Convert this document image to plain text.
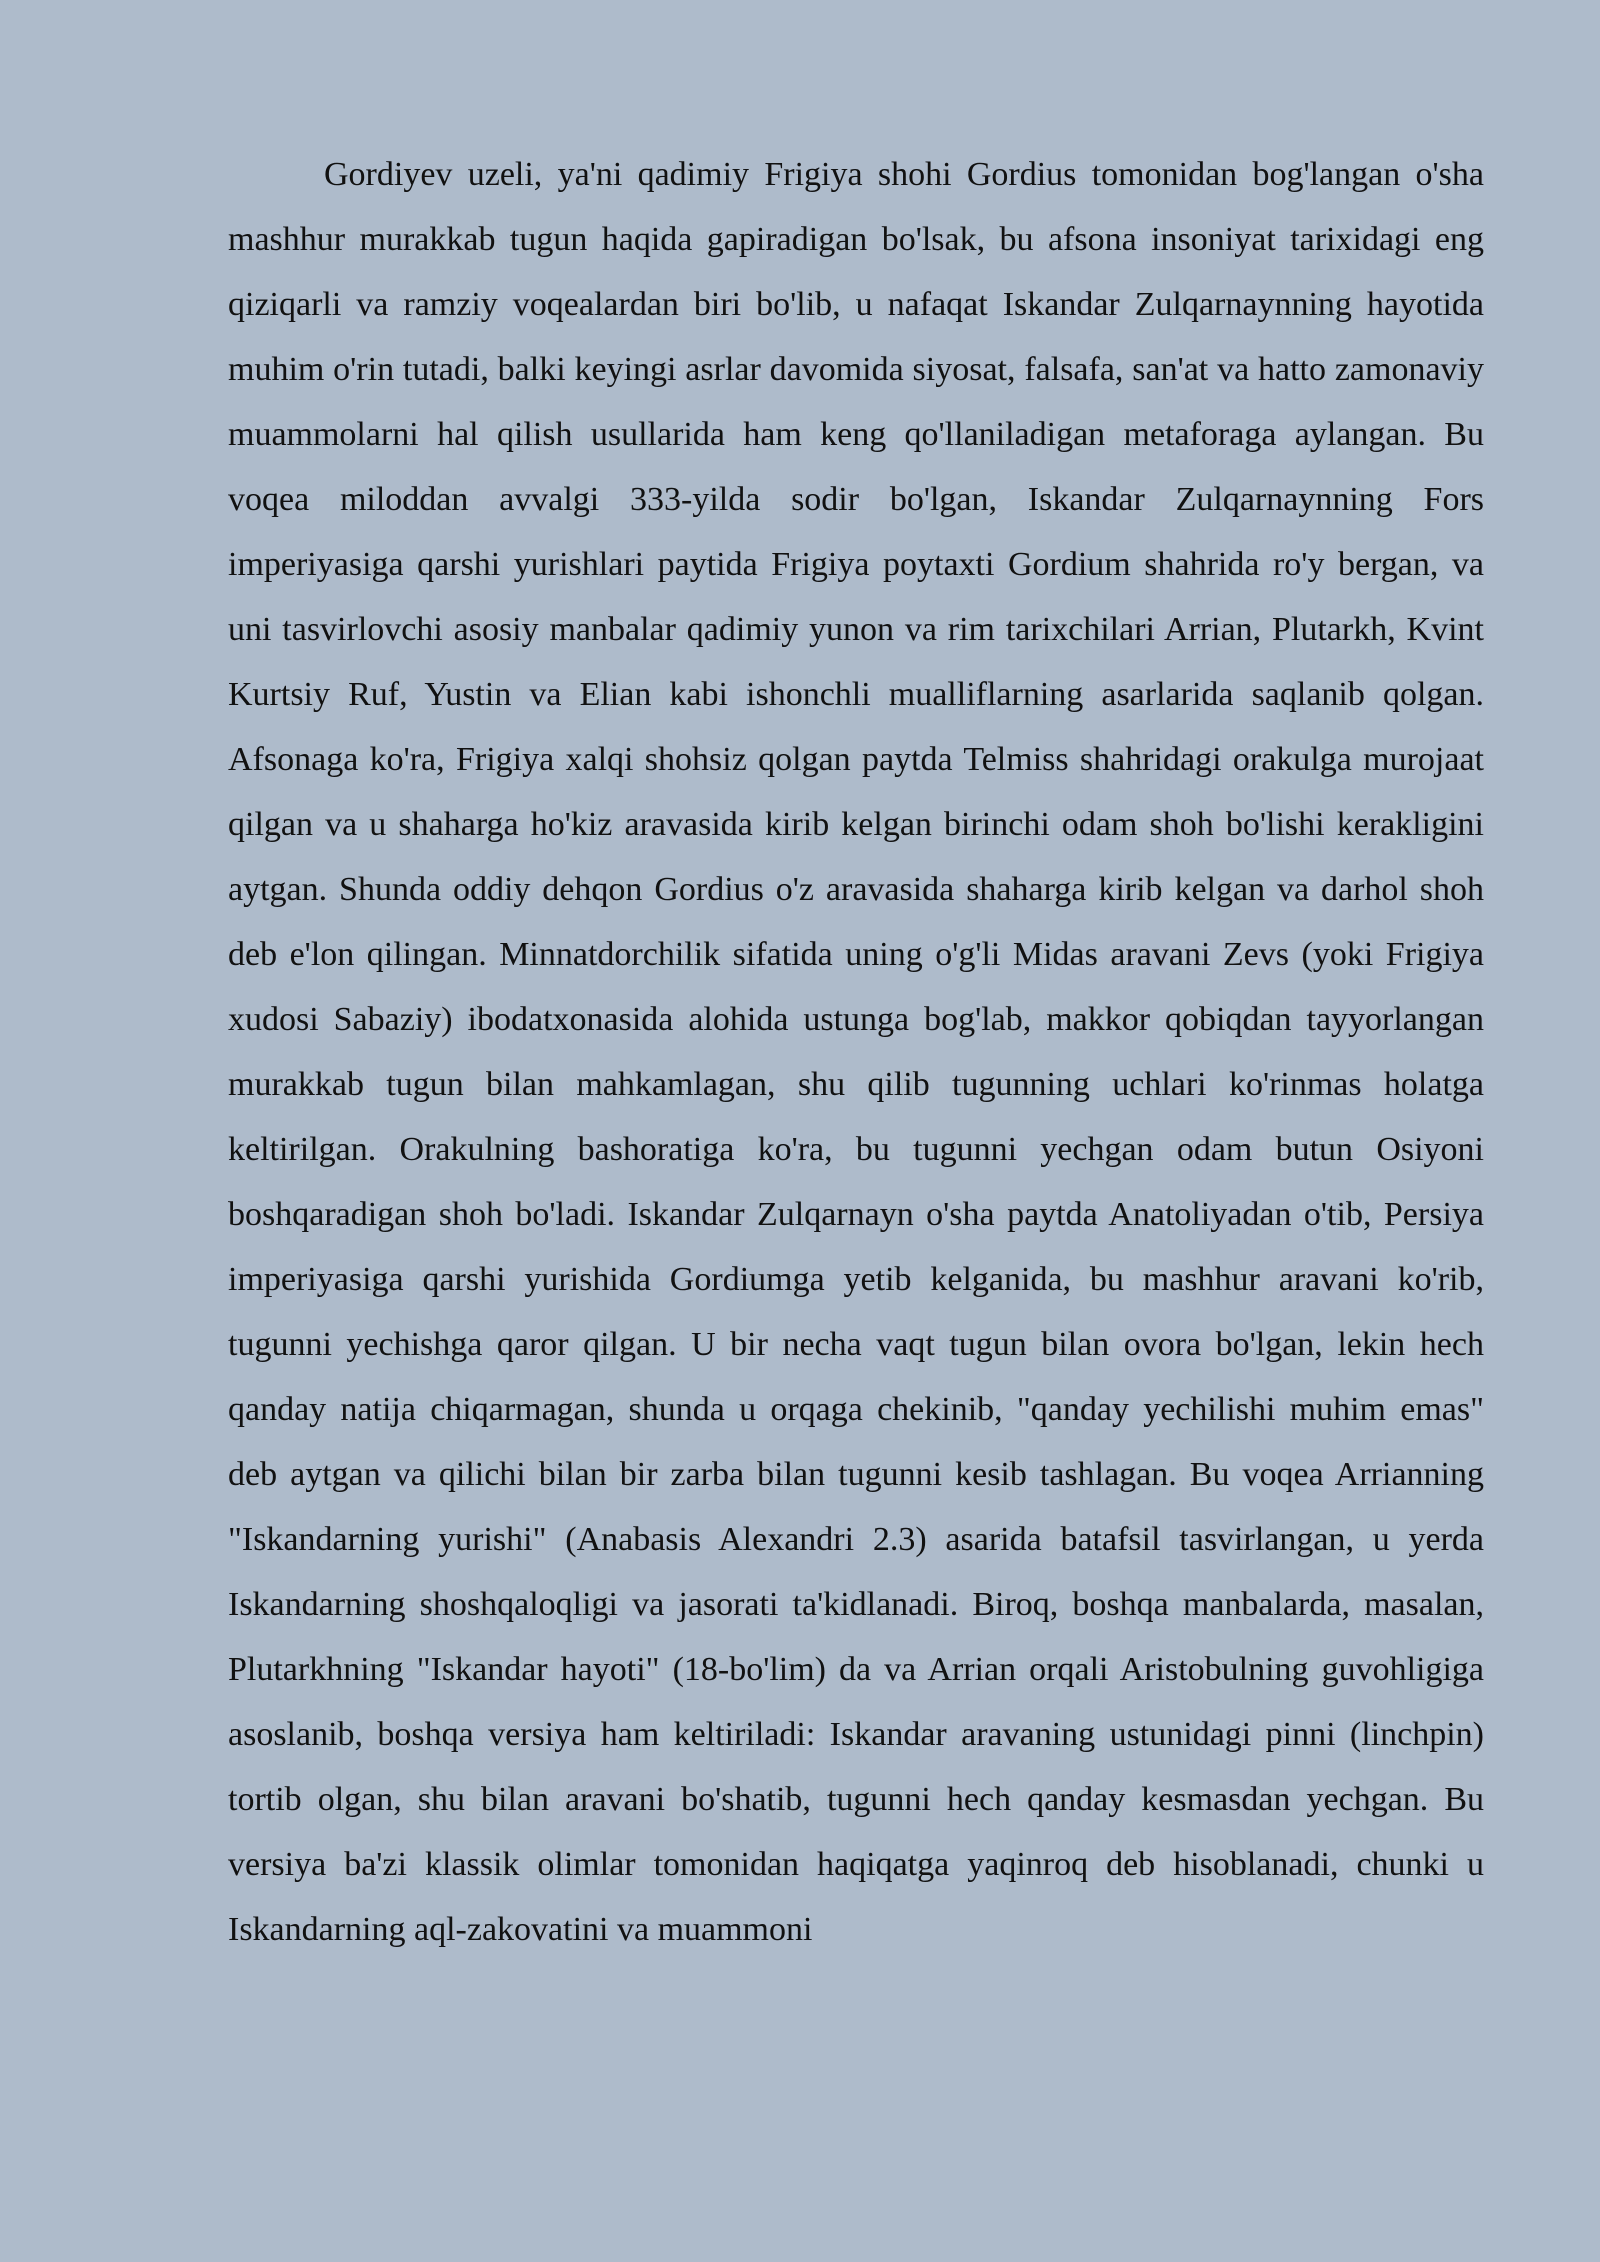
Gordiyev uzeli, ya'ni qadimiy Frigiya shohi Gordius tomonidan bog'langan o'sha mashhur murakkab tugun haqida gapiradigan bo'lsak, bu afsona insoniyat tarixidagi eng qiziqarli va ramziy voqealardan biri bo'lib, u nafaqat Iskandar Zulqarnaynning hayotida muhim o'rin tutadi, balki keyingi asrlar davomida siyosat, falsafa, san'at va hatto zamonaviy muammolarni hal qilish usullarida ham keng qo'llaniladigan metaforaga aylangan. Bu voqea miloddan avvalgi 333-yilda sodir bo'lgan, Iskandar Zulqarnaynning Fors imperiyasiga qarshi yurishlari paytida Frigiya poytaxti Gordium shahrida ro'y bergan, va uni tasvirlovchi asosiy manbalar qadimiy yunon va rim tarixchilari Arrian, Plutarkh, Kvint Kurtsiy Ruf, Yustin va Elian kabi ishonchli mualliflarning asarlarida saqlanib qolgan. Afsonaga ko'ra, Frigiya xalqi shohsiz qolgan paytda Telmiss shahridagi orakulga murojaat qilgan va u shaharga ho'kiz aravasida kirib kelgan birinchi odam shoh bo'lishi kerakligini aytgan. Shunda oddiy dehqon Gordius o'z aravasida shaharga kirib kelgan va darhol shoh deb e'lon qilingan. Minnatdorchilik sifatida uning o'g'li Midas aravani Zevs (yoki Frigiya xudosi Sabaziy) ibodatxonasida alohida ustunga bog'lab, makkor qobiqdan tayyorlangan murakkab tugun bilan mahkamlagan, shu qilib tugunning uchlari ko'rinmas holatga keltirilgan. Orakulning bashoratiga ko'ra, bu tugunni yechgan odam butun Osiyoni boshqaradigan shoh bo'ladi. Iskandar Zulqarnayn o'sha paytda Anatoliyadan o'tib, Persiya imperiyasiga qarshi yurishida Gordiumga yetib kelganida, bu mashhur aravani ko'rib, tugunni yechishga qaror qilgan. U bir necha vaqt tugun bilan ovora bo'lgan, lekin hech qanday natija chiqarmagan, shunda u orqaga chekinib, "qanday yechilishi muhim emas" deb aytgan va qilichi bilan bir zarba bilan tugunni kesib tashlagan. Bu voqea Arrianning "Iskandarning yurishi" (Anabasis Alexandri 2.3) asarida batafsil tasvirlangan, u yerda Iskandarning shoshqaloqligi va jasorati ta'kidlanadi. Biroq, boshqa manbalarda, masalan, Plutarkhning "Iskandar hayoti" (18-bo'lim) da va Arrian orqali Aristobulning guvohligiga asoslanib, boshqa versiya ham keltiriladi: Iskandar aravaning ustunidagi pinni (linchpin) tortib olgan, shu bilan aravani bo'shatib, tugunni hech qanday kesmasdan yechgan. Bu versiya ba'zi klassik olimlar tomonidan haqiqatga yaqinroq deb hisoblanadi, chunki u Iskandarning aql-zakovatini va muammoni
